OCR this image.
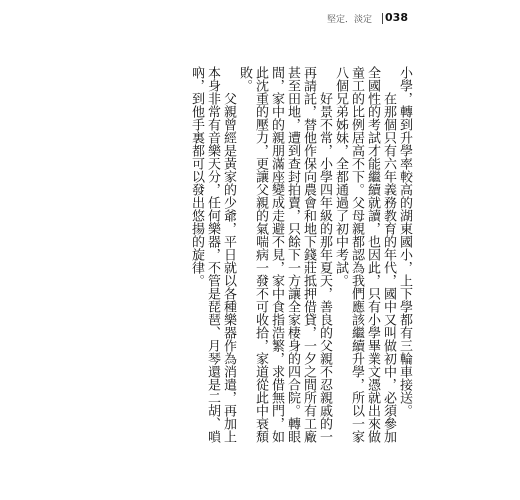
堅定．淡定 038

小學，轉到升學率較高的湖東國小，上下學都有三輪車接送。

在那個只有六年義務教育的年代，國中又叫做初中，必須參加全國性的考試才能繼續就讀，也因此，只有小學畢業文憑就出來做童工的比例居高不下。父母親都認為我們應該繼續升學，所以一家八個兄弟姊妹，全都通過了初中考試。

好景不常，小學四年級的那年夏天，善良的父親不忍親戚的一再請託，替他作保向農會和地下錢莊抵押借貸，一夕之間所有工廠甚至田地，遭到查封拍賣，只餘下一方讓全家棲身的四合院。轉眼間，家中的親朋滿座變成走避不見，家中食指浩繁，求借無門，如此沈重的壓力，更讓父親的氣喘病一發不可收拾，家道從此中衰頹敗。

父親曾經是黃家的少爺，平日就以各種樂器作為消遣，再加上本身非常有音樂天分，任何樂器，不管是琵琶、月琴還是二胡、嗩吶，到他手裏都可以發出悠揚的旋律。
